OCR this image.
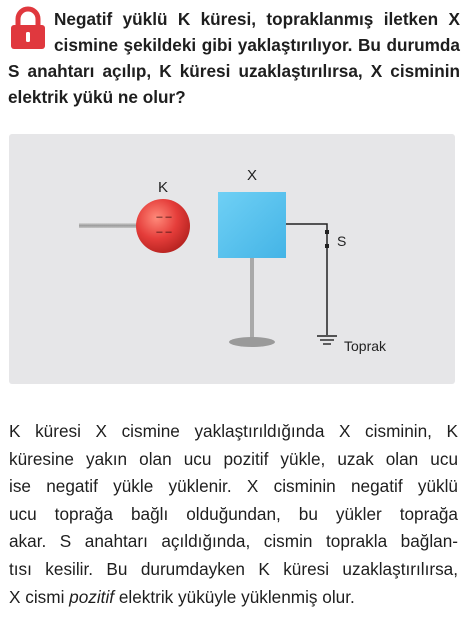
Negatif yüklü K küresi, topraklanmış iletken X cismine şekildeki gibi yaklaştırılıyor. Bu durumda S anahtarı açılıp, K küresi uzaklaştırılırsa, X cisminin elektrik yükü ne olur?

– –
– –
K
X
S
Toprak
K küresi X cismine yaklaştırıldığında X cisminin, K
küresine yakın olan ucu pozitif yükle, uzak olan ucu
ise negatif yükle yüklenir. X cisminin negatif yüklü
ucu toprağa bağlı olduğundan, bu yükler toprağa
akar. S anahtarı açıldığında, cismin toprakla bağlan-
tısı kesilir. Bu durumdayken K küresi uzaklaştırılırsa,
X cismi pozitif elektrik yüküyle yüklenmiş olur.
